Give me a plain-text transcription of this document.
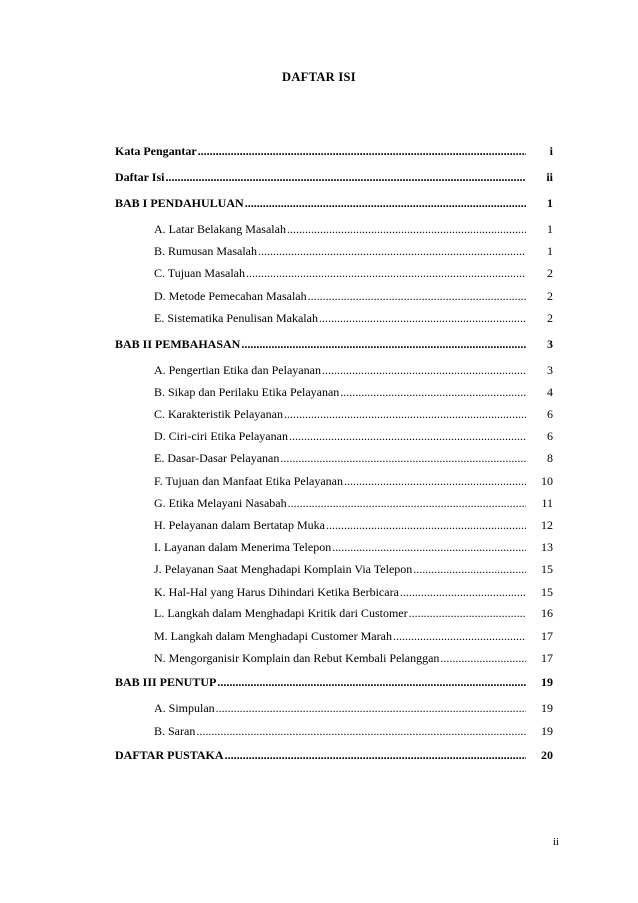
DAFTAR ISI
Kata Pengantar .....	i
Daftar Isi .....	ii
BAB I PENDAHULUAN .....	1
A. Latar Belakang Masalah .....	1
B. Rumusan Masalah .....	1
C. Tujuan Masalah .....	2
D. Metode Pemecahan Masalah .....	2
E. Sistematika Penulisan Makalah .....	2
BAB II PEMBAHASAN .....	3
A. Pengertian Etika dan Pelayanan .....	3
B. Sikap dan Perilaku Etika Pelayanan .....	4
C. Karakteristik Pelayanan .....	6
D. Ciri-ciri Etika Pelayanan .....	6
E. Dasar-Dasar Pelayanan .....	8
F. Tujuan dan Manfaat Etika Pelayanan .....	10
G. Etika Melayani Nasabah .....	11
H. Pelayanan dalam Bertatap Muka .....	12
I. Layanan dalam Menerima Telepon .....	13
J. Pelayanan Saat Menghadapi Komplain Via Telepon .....	15
K. Hal-Hal yang Harus Dihindari Ketika Berbicara .....	15
L. Langkah dalam Menghadapi Kritik dari Customer .....	16
M. Langkah dalam Menghadapi Customer Marah .....	17
N. Mengorganisir Komplain dan Rebut Kembali Pelanggan .....	17
BAB III PENUTUP .....	19
A. Simpulan .....	19
B. Saran .....	19
DAFTAR PUSTAKA .....	20
ii
